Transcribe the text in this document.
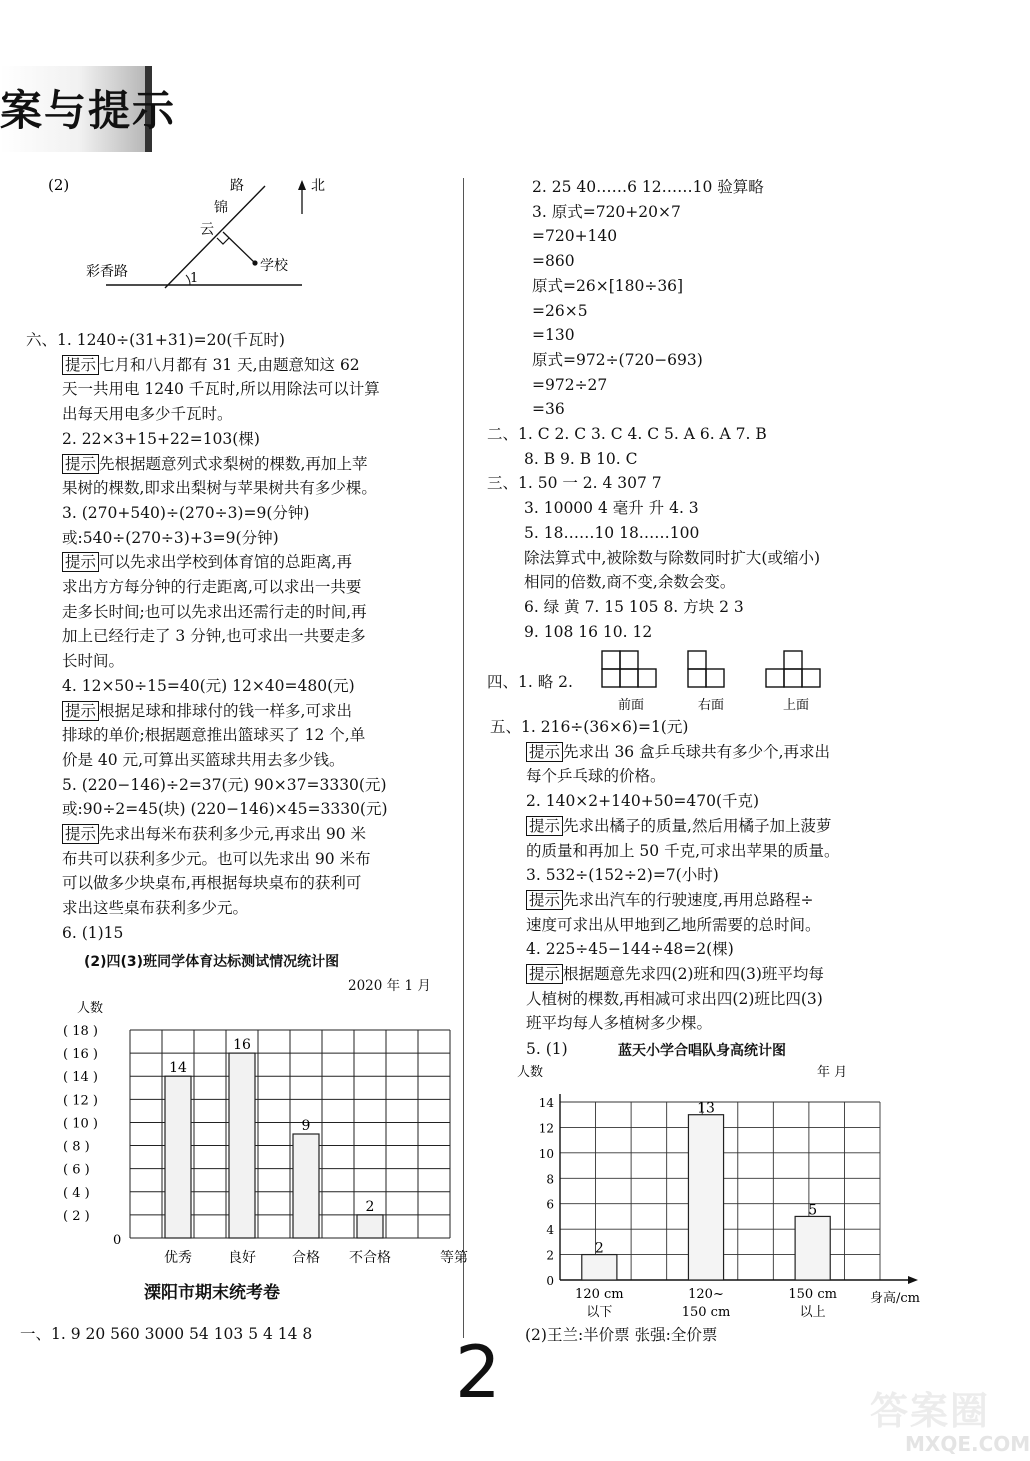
案与提示
(2)	北
路
锦
云
学校
彩香路	1
六、1. 1240÷(31+31)=20(千瓦时)
提示 七月和八月都有 31 天,由题意知这 62
天一共用电 1240 千瓦时,所以用除法可以计算
出每天用电多少千瓦时。
2. 22×3+15+22=103(棵)
提示 先根据题意列式求梨树的棵数,再加上苹
果树的棵数,即求出梨树与苹果树共有多少棵。
3. (270+540)÷(270÷3)=9(分钟)
或:540÷(270÷3)+3=9(分钟)
提示 可以先求出学校到体育馆的总距离,再
求出方方每分钟的行走距离,可以求出一共要
走多长时间;也可以先求出还需行走的时间,再
加上已经行走了 3 分钟,也可求出一共要走多
长时间。
4. 12×50÷15=40(元) 12×40=480(元)
提示 根据足球和排球付的钱一样多,可求出
排球的单价;根据题意推出篮球买了 12 个,单
价是 40 元,可算出买篮球共用去多少钱。
5. (220−146)÷2=37(元) 90×37=3330(元)
或:90÷2=45(块) (220−146)×45=3330(元)
提示 先求出每米布获利多少元,再求出 90 米
布共可以获利多少元。也可以先求出 90 米布
可以做多少块桌布,再根据每块桌布的获利可
求出这些桌布获利多少元。
6. (1)15
(2)四(3)班同学体育达标测试情况统计图
2020 年 1 月
人数
( 2 )
( 4 )
( 6 )
( 8 )
( 10 )
( 12 )
( 14 )
( 16 )
( 18 )
0
14
优秀
16
良好
9
合格
2
不合格	等第
溧阳市期末统考卷
一、1. 9 20 560 3000 54 103 5 4 14 8
2. 25 40……6 12……10 验算略
3. 原式=720+20×7
=720+140
=860
原式=26×[180÷36]
=26×5
=130
原式=972÷(720−693)
=972÷27
=36
二、1. C 2. C 3. C 4. C 5. A 6. A 7. B
8. B 9. B 10. C
三、1. 50 一 2. 4 307 7
3. 10000 4 毫升 升 4. 3
5. 18……10 18……100
除法算式中,被除数与除数同时扩大(或缩小)
相同的倍数,商不变,余数会变。
6. 绿 黄 7. 15 105 8. 方块 2 3
9. 108 16 10. 12
四、1. 略 2.
前面	右面	上面
五、1. 216÷(36×6)=1(元)
提示 先求出 36 盒乒乓球共有多少个,再求出
每个乒乓球的价格。
2. 140×2+140+50=470(千克)
提示 先求出橘子的质量,然后用橘子加上菠萝
的质量和再加上 50 千克,可求出苹果的质量。
3. 532÷(152÷2)=7(小时)
提示 先求出汽车的行驶速度,再用总路程÷
速度可求出从甲地到乙地所需要的总时间。
4. 225÷45−144÷48=2(棵)
提示 根据题意先求四(2)班和四(3)班平均每
人植树的棵数,再相减可求出四(2)班比四(3)
班平均每人多植树多少棵。
5. (1)	蓝天小学合唱队身高统计图
人数	年 月
0
2
4
6
8
10
12
14
2
120 cm
以下
13
120~
150 cm
5
150 cm
以上
身高/cm
(2)王兰:半价票 张强:全价票
2	答案圈
MXQE.COM
